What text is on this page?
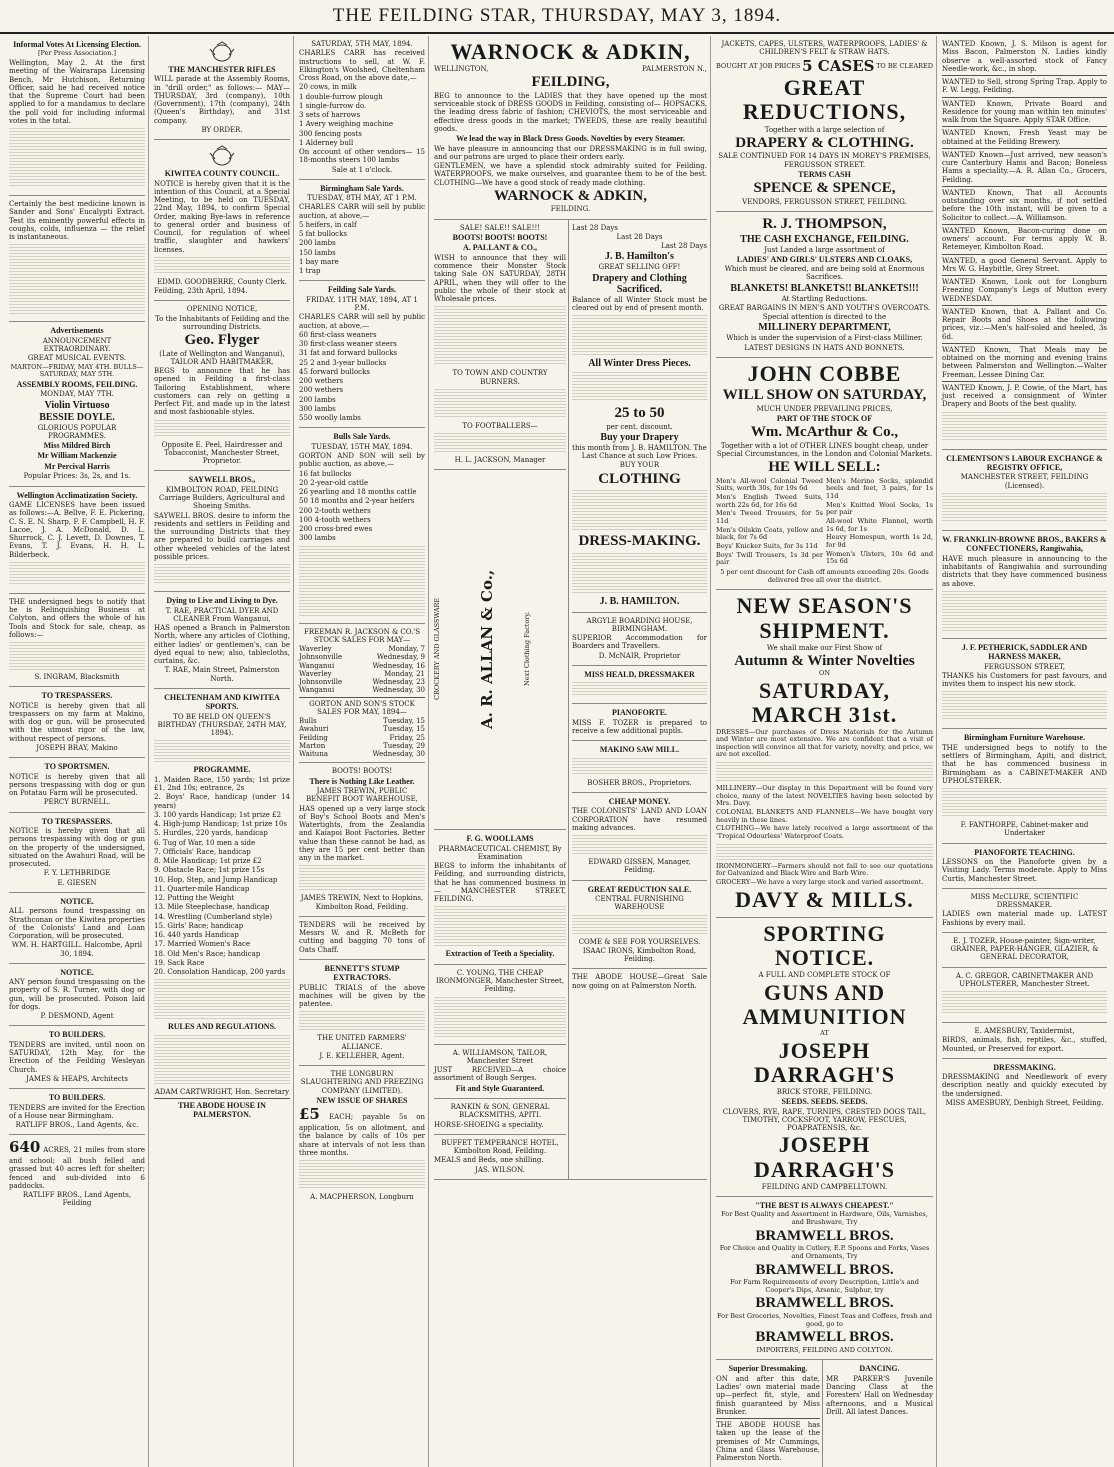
THE FEILDING STAR, THURSDAY, MAY 3, 1894.
Informal Votes At Licensing Election.

[Per Press Association.]

Wellington, May 2. At the first meeting of the Wairarapa Licensing Bench, Mr Hutchison, Returning Officer, said he had received notice that the Supreme Court had been applied to for a mandamus to declare the poll void for including informal votes in the total.

Certainly the best medicine known is Sander and Sons' Eucalypti Extract. Test its eminently powerful effects in coughs, colds, influenza — the relief is instantaneous.

Advertisements

ANNOUNCEMENT EXTRAORDINARY.

GREAT MUSICAL EVENTS.

MARTON—FRIDAY, MAY 4TH. BULLS—SATURDAY, MAY 5TH.

ASSEMBLY ROOMS, FEILDING.

MONDAY, MAY 7TH.

Violin Virtuoso
BESSIE DOYLE.

GLORIOUS POPULAR PROGRAMMES.

Miss Mildred Birch
Mr William Mackenzie
Mr Percival Harris

Popular Prices: 3s, 2s, and 1s.

Wellington Acclimatization Society.

GAME LICENSES have been issued as follows:—A. Bellve, F. E. Pickering, C. S. E. N. Sharp, F. F. Campbell, H. F. Lacoe, J. A. McDonald, D. L. Shurrock, C. J. Levett, D. Downes, T. Evans, T. J. Evans, H. H. L. Bilderbeck.

THE undersigned begs to notify that he is Relinquishing Business at Colyton, and offers the whole of his Tools and Stock for sale, cheap, as follows:—

S. INGRAM, Blacksmith

TO TRESPASSERS.

NOTICE is hereby given that all trespassers on my farm at Makino, with dog or gun, will be prosecuted with the utmost rigor of the law, without respect of persons.

JOSEPH BRAY, Makino

TO SPORTSMEN.

NOTICE is hereby given that all persons trespassing with dog or gun on Potatau Farm will be prosecuted.

PERCY BURNELL.

TO TRESPASSERS.

NOTICE is hereby given that all persons trespassing with dog or gun on the property of the undersigned, situated on the Awahuri Road, will be prosecuted.

F. Y. LETHBRIDGE

E. GIESEN

NOTICE.

ALL persons found trespassing on Strathconan or the Kiwitea properties of the Colonists' Land and Loan Corporation, will be prosecuted.

WM. H. HARTGILL. Halcombe, April 30, 1894.

NOTICE.

ANY person found trespassing on the property of S. R. Turner, with dog or gun, will be prosecuted. Poison laid for dogs.

P. DESMOND, Agent

TO BUILDERS.

TENDERS are invited, until noon on SATURDAY, 12th May, for the Erection of the Feilding Wesleyan Church.

JAMES & HEAPS, Architects

TO BUILDERS.

TENDERS are invited for the Erection of a House near Birmingham.

RATLIFF BROS., Land Agents, &c.

640 ACRES, 21 miles from store and school; all bush felled and grassed but 40 acres left for shelter; fenced and sub-divided into 6 paddocks.

RATLIFF BROS., Land Agents, Feilding

THE MANCHESTER RIFLES

WILL parade at the Assembly Rooms, in "drill order," as follows:— MAY—THURSDAY, 3rd (company), 10th (Government), 17th (company), 24th (Queen's Birthday), and 31st company.

BY ORDER.

KIWITEA COUNTY COUNCIL.

NOTICE is hereby given that it is the intention of this Council, at a Special Meeting, to be held on TUESDAY, 22nd May, 1894, to confirm Special Order, making Bye-laws in reference to general order and business of Council, for regulation of wheel traffic, slaughter and hawkers' licenses.

EDMD. GOODBERRE, County Clerk.

Feilding, 23th April, 1894.

OPENING NOTICE,

To the Inhabitants of Feilding and the surrounding Districts.

Geo. Flyger

(Late of Wellington and Wanganui), TAILOR AND HABITMAKER,

BEGS to announce that he has opened in Feilding a first-class Tailoring Establishment, where customers can rely on getting a Perfect Fit, and made up in the latest and most fashionable styles.

Opposite E. Peel, Hairdresser and Tobacconist, Manchester Street, Proprietor.

SAYWELL BROS.,

KIMBOLTON ROAD, FEILDING Carriage Builders, Agricultural and Shoeing Smiths.

SAYWELL BROS. desire to inform the residents and settlers in Feilding and the surrounding Districts that they are prepared to build carriages and other wheeled vehicles of the latest possible prices.

Dying to Live and Living to Dye.

T. RAE, PRACTICAL DYER AND CLEANER From Wanganui,

HAS opened a Branch in Palmerston North, where any articles of Clothing, either ladies' or gentlemen's, can be dyed equal to new; also, tablecloths, curtains, &c.

T. RAE, Main Street, Palmerston North.

CHELTENHAM AND KIWITEA SPORTS.

TO BE HELD ON QUEEN'S BIRTHDAY (THURSDAY, 24TH MAY, 1894).

PROGRAMME.

1. Maiden Race, 150 yards; 1st prize £1, 2nd 10s; entrance, 2s

2. Boys' Race, handicap (under 14 years)

3. 100 yards Handicap; 1st prize £2

4. High-jump Handicap; 1st prize 10s

5. Hurdles, 220 yards, handicap

6. Tug of War, 10 men a side

7. Officials' Race, handicap

8. Mile Handicap; 1st prize £2

9. Obstacle Race; 1st prize 15s

10. Hop, Step, and Jump Handicap

11. Quarter-mile Handicap

12. Putting the Weight

13. Mile Steeplechase, handicap

14. Wrestling (Cumberland style)

15. Girls' Race; handicap

16. 440 yards Handicap

17. Married Women's Race

18. Old Men's Race; handicap

19. Sack Race

20. Consolation Handicap, 200 yards

RULES AND REGULATIONS.

ADAM CARTWRIGHT, Hon. Secretary

THE ABODE HOUSE IN PALMERSTON.

SATURDAY, 5TH MAY, 1894.

CHARLES CARR has received instructions to sell, at W. F. Elkington's Woolshed, Cheltenham Cross Road, on the above date,—

20 cows, in milk

1 double-furrow plough

1 single-furrow do.

3 sets of harrows

1 Avery weighing machine

300 fencing posts

1 Alderney bull

On account of other vendors— 15 18-months steers 100 lambs

Sale at 1 o'clock.

Birmingham Sale Yards.

TUESDAY, 8TH MAY, AT 1 P.M.

CHARLES CARR will sell by public auction, at above,—

5 heifers, in calf

5 fat bullocks

200 lambs

150 lambs

1 bay mare

1 trap

Feilding Sale Yards.

FRIDAY, 11TH MAY, 1894, AT 1 P.M.

CHARLES CARR will sell by public auction, at above,—

60 first-class weaners

30 first-class weaner steers

31 fat and forward bullocks

25 2 and 3-year bullocks

45 forward bullocks

200 wethers

200 wethers

200 lambs

300 lambs

550 woolly lambs

Bulls Sale Yards.

TUESDAY, 15TH MAY, 1894.

GORTON AND SON will sell by public auction, as above,—

16 fat bullocks

20 2-year-old cattle

26 yearling and 18 months cattle

50 18 months and 2-year heifers

200 2-tooth wethers

100 4-tooth wethers

200 cross-bred ewes

300 lambs

FREEMAN R. JACKSON & CO.'S STOCK SALES FOR MAY—

Waverley	Monday, 7
Johnsonville	Wednesday, 9
Wanganui	Wednesday, 16
Waverley	Monday, 21
Johnsonville	Wednesday, 23
Wanganui	Wednesday, 30

GORTON AND SON'S STOCK SALES FOR MAY, 1894—

Bulls	Tuesday, 15
Awahuri	Tuesday, 15
Feilding	Friday, 25
Marton	Tuesday, 29
Waituna	Wednesday, 30

BOOTS! BOOTS!

There is Nothing Like Leather.

JAMES TREWIN, PUBLIC BENEFIT BOOT WAREHOUSE,

HAS opened up a very large stock of Boy's School Boots and Men's Watertights, from the Zealandia and Kaiapoi Boot Factories. Better value than these cannot be had, as they are 15 per cent better than any in the market.

JAMES TREWIN, Next to Hopkins, Kimbolton Road, Feilding.

TENDERS will be received by Messrs W. and R. McBeth for cutting and bagging 70 tons of Oats Chaff.

BENNETT'S STUMP EXTRACTORS.

PUBLIC TRIALS of the above machines will be given by the patentee.

THE UNITED FARMERS' ALLIANCE.

J. E. KELLEHER, Agent.

THE LONGBURN SLAUGHTERING AND FREEZING COMPANY (LIMITED).

NEW ISSUE OF SHARES

£5 EACH; payable 5s on application, 5s on allotment, and the balance by calls of 10s per share at intervals of not less than three months.

A. MACPHERSON, Longburn

WARNOCK & ADKIN,
WELLINGTON,	PALMERSTON N.,
FEILDING,

BEG to announce to the LADIES that they have opened up the most serviceable stock of DRESS GOODS in Feilding, consisting of— HOPSACKS, the leading dress fabric of fashion; CHEVIOTS, the most serviceable and effective dress goods in the market; TWEEDS, these are really beautiful goods.

We lead the way in Black Dress Goods. Novelties by every Steamer.

We have pleasure in announcing that our DRESSMAKING is in full swing, and our patrons are urged to place their orders early.

GENTLEMEN, we have a splendid stock admirably suited for Feilding. WATERPROOFS, we make ourselves, and guarantee them to be of the best. CLOTHING—We have a good stock of ready made clothing.

WARNOCK & ADKIN,

FEILDING.

SALE! SALE!! SALE!!!

BOOTS! BOOTS! BOOTS!
A. PALLANT & CO.,

WISH to announce that they will commence their Monster Stock taking Sale ON SATURDAY, 28TH APRIL, when they will offer to the public the whole of their stock at Wholesale prices.

TO TOWN AND COUNTRY BURNERS.

TO FOOTBALLERS—

H. L. JACKSON, Manager

CROCKERY AND GLASSWARE	A. R. ALLAN & Co.,	Next Clothing Factory.
F. G. WOOLLAMS

PHARMACEUTICAL CHEMIST, By Examination

BEGS to inform the inhabitants of Feilding, and surrounding districts, that he has commenced business in— MANCHESTER STREET, FEILDING.

Extraction of Teeth a Speciality.

C. YOUNG, THE CHEAP IRONMONGER, Manchester Street, Feilding.

A. WILLIAMSON, TAILOR, Manchester Street

JUST RECEIVED—A choice assortment of Bough Serges.

Fit and Style Guaranteed.

RANKIN & SON, GENERAL BLACKSMITHS, APITI.

HORSE-SHOEING a speciality.

BUFFET TEMPERANCE HOTEL, Kimbolton Road, Feilding.

MEALS and Beds, one shilling.

JAS. WILSON.

Last 28 Days

Last 28 Days

Last 28 Days

J. B. Hamilton's

GREAT SELLING OFF!

Drapery and Clothing Sacrificed.

Balance of all Winter Stock must be cleared out by end of present month.

All Winter Dress Pieces.
25 to 50

per cent. discount.

Buy your Drapery

this month from J. B. HAMILTON. The Last Chance at such Low Prices.

BUY YOUR

CLOTHING
DRESS-MAKING.
J. B. HAMILTON.

ARGYLE BOARDING HOUSE, BIRMINGHAM.

SUPERIOR Accommodation for Boarders and Travellers.

D. McNAIR, Proprietor

MISS HEALD, DRESSMAKER
PIANOFORTE.

MISS F. TOZER is prepared to receive a few additional pupils.

MAKINO SAW MILL.

BOSHER BROS., Proprietors.

CHEAP MONEY.

THE COLONISTS' LAND AND LOAN CORPORATION have resumed making advances.

EDWARD GISSEN, Manager, Feilding.

GREAT REDUCTION SALE.

CENTRAL FURNISHING WAREHOUSE

COME & SEE FOR YOURSELVES.

ISAAC IRONS, Kimbolton Road, Feilding.

THE ABODE HOUSE—Great Sale now going on at Palmerston North.

JACKETS, CAPES, ULSTERS, WATERPROOFS, LADIES' & CHILDREN'S FELT & STRAW HATS.

BOUGHT AT JOB PRICES 5 CASES TO BE CLEARED
GREAT REDUCTIONS,

Together with a large selection of

DRAPERY & CLOTHING.

SALE CONTINUED FOR 14 DAYS IN MOREY'S PREMISES, FERGUSSON STREET.

TERMS CASH
SPENCE & SPENCE,

VENDORS, FERGUSSON STREET, FEILDING.

R. J. THOMPSON,
THE CASH EXCHANGE, FEILDING.

Just Landed a large assortment of

LADIES' AND GIRLS' ULSTERS AND CLOAKS,

Which must be cleared, and are being sold at Enormous Sacrifices.

BLANKETS! BLANKETS!! BLANKETS!!!

At Startling Reductions.

GREAT BARGAINS IN MEN'S AND YOUTH'S OVERCOATS.

Special attention is directed to the

MILLINERY DEPARTMENT,

Which is under the supervision of a First-class Milliner.

LATEST DESIGNS IN HATS AND BONNETS.

JOHN COBBE
WILL SHOW ON SATURDAY,

MUCH UNDER PREVAILING PRICES,

PART OF THE STOCK OF
Wm. McArthur & Co.,

Together with a lot of OTHER LINES bought cheap, under Special Circumstances, in the London and Colonial Markets.

HE WILL SELL:

Men's All-wool Colonial Tweed Suits, worth 30s, for 19s 6d

Men's English Tweed Suits, worth 22s 6d, for 16s 6d

Men's Tweed Trousers, for 5s 11d

Men's Oilskin Coats, yellow and black, for 7s 6d

Boys' Knicker Suits, for 3s 11d

Boys' Twill Trousers, 1s 3d per pair

Men's Merino Socks, splendid heels and feet, 3 pairs, for 1s 11d

Men's Knitted Wool Socks, 1s per pair

All-wool White Flannel, worth 1s 6d, for 1s

Heavy Homespun, worth 1s 2d, for 9d

Women's Ulsters, 10s 6d and 15s 6d

5 per cent discount for Cash off amounts exceeding 20s. Goods delivered free all over the district.

NEW SEASON'S SHIPMENT.

We shall make our First Show of

Autumn & Winter Novelties

ON

SATURDAY, MARCH 31st.

DRESSES—Our purchases of Dress Materials for the Autumn and Winter are most extensive. We are confident that a visit of inspection will convince all that for variety, novelty, and price, we are not excelled.

MILLINERY—Our display in this Department will be found very choice, many of the latest NOVELTIES having been selected by Mrs. Davy.

COLONIAL BLANKETS AND FLANNELS—We have bought very heavily in these lines.

CLOTHING—We have lately received a large assortment of the 'Tropical Odourless' Waterproof Coats.

IRONMONGERY—Farmers should not fail to see our quotations for Galvanized and Black Wire and Barb Wire.

GROCERY—We have a very large stock and varied assortment.

DAVY & MILLS.
SPORTING NOTICE.

A FULL AND COMPLETE STOCK OF

GUNS AND AMMUNITION

AT

JOSEPH DARRAGH'S

BRICK STORE, FEILDING.

SEEDS. SEEDS. SEEDS.

CLOVERS, RYE, RAPE, TURNIPS, CRESTED DOGS TAIL, TIMOTHY, COCKSFOOT, YARROW, FESCUES, POAPRATENSIS, &c.

JOSEPH DARRAGH'S

FEILDING AND CAMPBELLTOWN.

"THE BEST IS ALWAYS CHEAPEST."

For Best Quality and Assortment in Hardware, Oils, Varnishes, and Brushware, Try

BRAMWELL BROS.

For Choice and Quality in Cutlery, E.P. Spoons and Forks, Vases and Ornaments, Try

BRAMWELL BROS.

For Farm Requirements of every Description, Little's and Cooper's Dips, Arsenic, Sulphur, try

BRAMWELL BROS.

For Best Groceries, Novelties, Finest Teas and Coffees, fresh and good, go to

BRAMWELL BROS.

IMPORTERS, FEILDING AND COLYTON.

Superior Dressmaking.

ON and after this date, Ladies' own material made up—perfect fit, style, and finish guaranteed by Miss Brunker.

THE ABODE HOUSE has taken up the lease of the premises of Mr Cummings, China and Glass Warehouse, Palmerston North.

DANCING.

MR PARKER'S Juvenile Dancing Class at the Foresters' Hall on Wednesday afternoons, and a Musical Drill. All latest Dances.

WANTED Known, J. S. Milson is agent for Miss Bacon, Palmerston N. Ladies kindly observe a well-assorted stock of Fancy Needle-work, &c., in shop.

WANTED to Sell, strong Spring Trap. Apply to F. W. Legg, Feilding.

WANTED Known, Private Board and Residence for young man within ten minutes' walk from the Square. Apply STAR Office.

WANTED Known, Fresh Yeast may be obtained at the Feilding Brewery.

WANTED Known—Just arrived, new season's cure Canterbury Hams and Bacon; Boneless Hams a speciality.—A. R. Allan Co., Grocers, Feilding.

WANTED Known, That all Accounts outstanding over six months, if not settled before the 10th instant, will be given to a Solicitor to collect.—A. Williamson.

WANTED Known, Bacon-curing done on owners' account. For terms apply W. B. Retemeyer, Kimbolton Road.

WANTED, a good General Servant. Apply to Mrs W. G. Haybittle, Grey Street.

WANTED Known, Look out for Longburn Freezing Company's Legs of Mutton every WEDNESDAY.

WANTED Known, that A. Pallant and Co. Repair Boots and Shoes at the following prices, viz.:—Men's half-soled and heeled, 3s 6d.

WANTED Known, That Meals may be obtained on the morning and evening trains between Palmerston and Wellington.—Walter Freeman, Lessee Dining Car.

WANTED Known, J. P. Cowie, of the Mart, has just received a consignment of Winter Drapery and Boots of the best quality.

CLEMENTSON'S LABOUR EXCHANGE & REGISTRY OFFICE,

MANCHESTER STREET, FEILDING (Licensed).

W. FRANKLIN-BROWNE BROS., BAKERS & CONFECTIONERS, Rangiwahia,

HAVE much pleasure in announcing to the inhabitants of Rangiwahia and surrounding districts that they have commenced business as above.

J. F. PETHERICK, SADDLER AND HARNESS MAKER,

FERGUSSON STREET,

THANKS his Customers for past favours, and invites them to inspect his new stock.

Birmingham Furniture Warehouse.

THE undersigned begs to notify to the settlers of Birmingham, Apiti, and district, that he has commenced business in Birmingham as a CABINET-MAKER AND UPHOLSTERER.

F. FANTHORPE, Cabinet-maker and Undertaker

PIANOFORTE TEACHING.

LESSONS on the Pianoforte given by a Visiting Lady. Terms moderate. Apply to Miss Curtis, Manchester Street.

MISS McCLURE, SCIENTIFIC DRESSMAKER.

LADIES own material made up. LATEST Fashions by every mail.

E. J. TOZER, House-painter, Sign-writer, GRAINER, PAPER-HANGER, GLAZIER, & GENERAL DECORATOR,

A. C. GREGOR, CABINETMAKER AND UPHOLSTERER, Manchester Street.

E. AMESBURY, Taxidermist,

BIRDS, animals, fish, reptiles, &c., stuffed, Mounted, or Preserved for export.

DRESSMAKING.

DRESSMAKING and Needlework of every description neatly and quickly executed by the undersigned.

MISS AMESBURY, Denbigh Street, Feilding.
